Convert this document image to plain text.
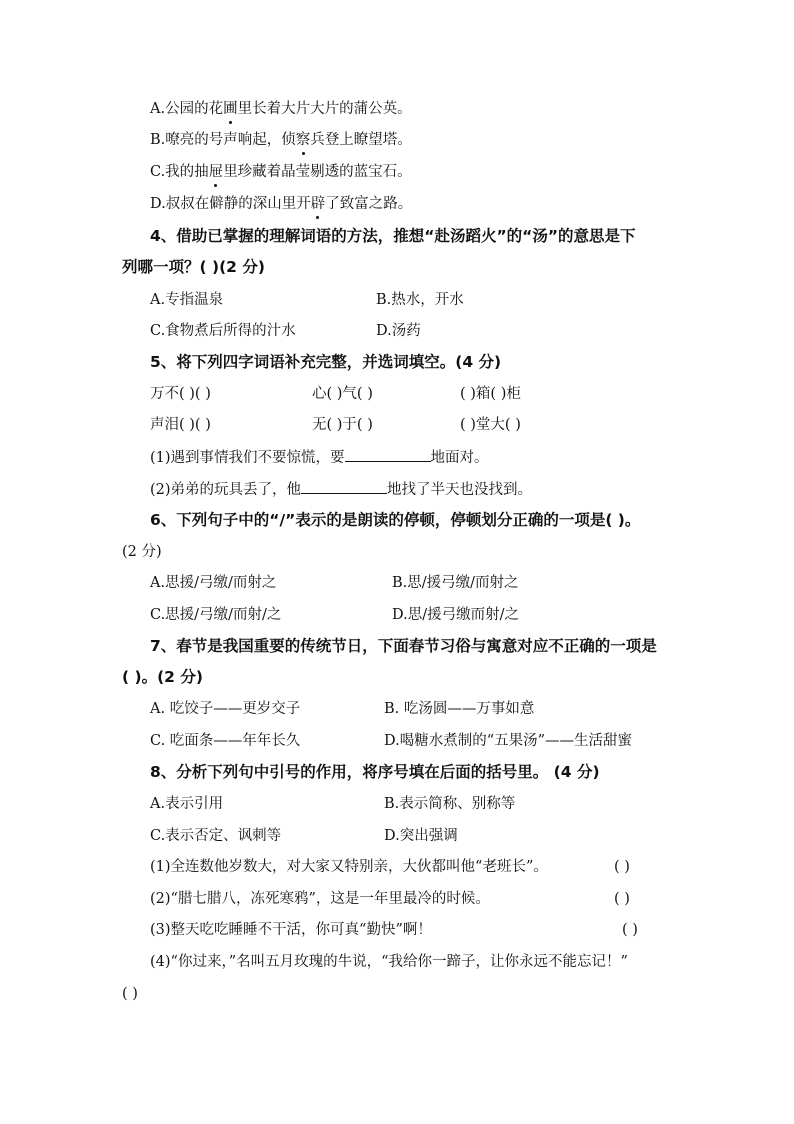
A.公园的花圃里长着大片大片的蒲公英。
B.嘹亮的号声响起，侦察兵登上瞭望塔。
C.我的抽屉里珍藏着晶莹剔透的蓝宝石。
D.叔叔在僻静的深山里开辟了致富之路。
4、借助已掌握的理解词语的方法，推想“赴汤蹈火”的“汤”的意思是下
列哪一项？( )(2 分)
A.专指温泉	B.热水，开水
C.食物煮后所得的汁水	D.汤药
5、将下列四字词语补充完整，并选词填空。(4 分)
万不( )( )	心( )气( )	( )箱( )柜
声泪( )( )	无( )于( )	( )堂大( )
(1)遇到事情我们不要惊慌，要	地面对。
(2)弟弟的玩具丢了，他	地找了半天也没找到。
6、下列句子中的“/”表示的是朗读的停顿，停顿划分正确的一项是( )。
(2 分)
A.思援/弓缴/而射之	B.思/援弓缴/而射之
C.思援/弓缴/而射/之	D.思/援弓缴而射/之
7、春节是我国重要的传统节日，下面春节习俗与寓意对应不正确的一项是
( )。(2 分)
A. 吃饺子——更岁交子	B. 吃汤圆——万事如意
C. 吃面条——年年长久	D.喝糖水煮制的“五果汤”——生活甜蜜
8、分析下列句中引号的作用，将序号填在后面的括号里。 (4 分)
A.表示引用	B.表示简称、别称等
C.表示否定、讽刺等	D.突出强调
(1)全连数他岁数大，对大家又特别亲，大伙都叫他“老班长”。	( )
(2)“腊七腊八，冻死寒鸦”，这是一年里最冷的时候。	( )
(3)整天吃吃睡睡不干活，你可真“勤快”啊！	( )
(4)“你过来，”名叫五月玫瑰的牛说，“我给你一蹄子，让你永远不能忘记！”
( )
